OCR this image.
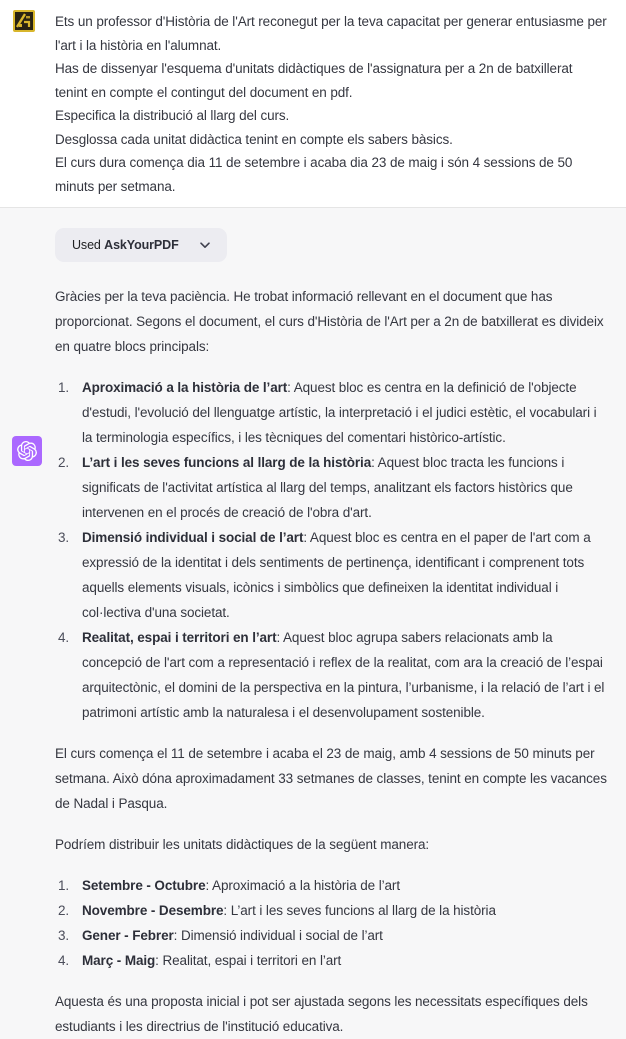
Ets un professor d'Història de l'Art reconegut per la teva capacitat per generar entusiasme per l'art i la història en l'alumnat.
Has de dissenyar l'esquema d'unitats didàctiques de l'assignatura per a 2n de batxillerat tenint en compte el contingut del document en pdf.
Especifica la distribució al llarg del curs.
Desglossa cada unitat didàctica tenint en compte els sabers bàsics.
El curs dura comença dia 11 de setembre i acaba dia 23 de maig i són 4 sessions de 50 minuts per setmana.
Used AskYourPDF

Gràcies per la teva paciència. He trobat informació rellevant en el document que has proporcionat. Segons el document, el curs d'Història de l'Art per a 2n de batxillerat es divideix en quatre blocs principals:

1. Aproximació a la història de l’art: Aquest bloc es centra en la definició de l'objecte d'estudi, l'evolució del llenguatge artístic, la interpretació i el judici estètic, el vocabulari i la terminologia específics, i les tècniques del comentari històrico-artístic.
2. L’art i les seves funcions al llarg de la història: Aquest bloc tracta les funcions i significats de l'activitat artística al llarg del temps, analitzant els factors històrics que intervenen en el procés de creació de l'obra d'art.
3. Dimensió individual i social de l’art: Aquest bloc es centra en el paper de l'art com a expressió de la identitat i dels sentiments de pertinença, identificant i comprenent tots aquells elements visuals, icònics i simbòlics que defineixen la identitat individual i col·lectiva d'una societat.
4. Realitat, espai i territori en l’art: Aquest bloc agrupa sabers relacionats amb la concepció de l'art com a representació i reflex de la realitat, com ara la creació de l’espai arquitectònic, el domini de la perspectiva en la pintura, l’urbanisme, i la relació de l’art i el patrimoni artístic amb la naturalesa i el desenvolupament sostenible.

El curs comença el 11 de setembre i acaba el 23 de maig, amb 4 sessions de 50 minuts per setmana. Això dóna aproximadament 33 setmanes de classes, tenint en compte les vacances de Nadal i Pasqua.

Podríem distribuir les unitats didàctiques de la següent manera:

1. Setembre - Octubre: Aproximació a la història de l’art
2. Novembre - Desembre: L’art i les seves funcions al llarg de la història
3. Gener - Febrer: Dimensió individual i social de l’art
4. Març - Maig: Realitat, espai i territori en l’art

Aquesta és una proposta inicial i pot ser ajustada segons les necessitats específiques dels estudiants i les directrius de l'institució educativa.
